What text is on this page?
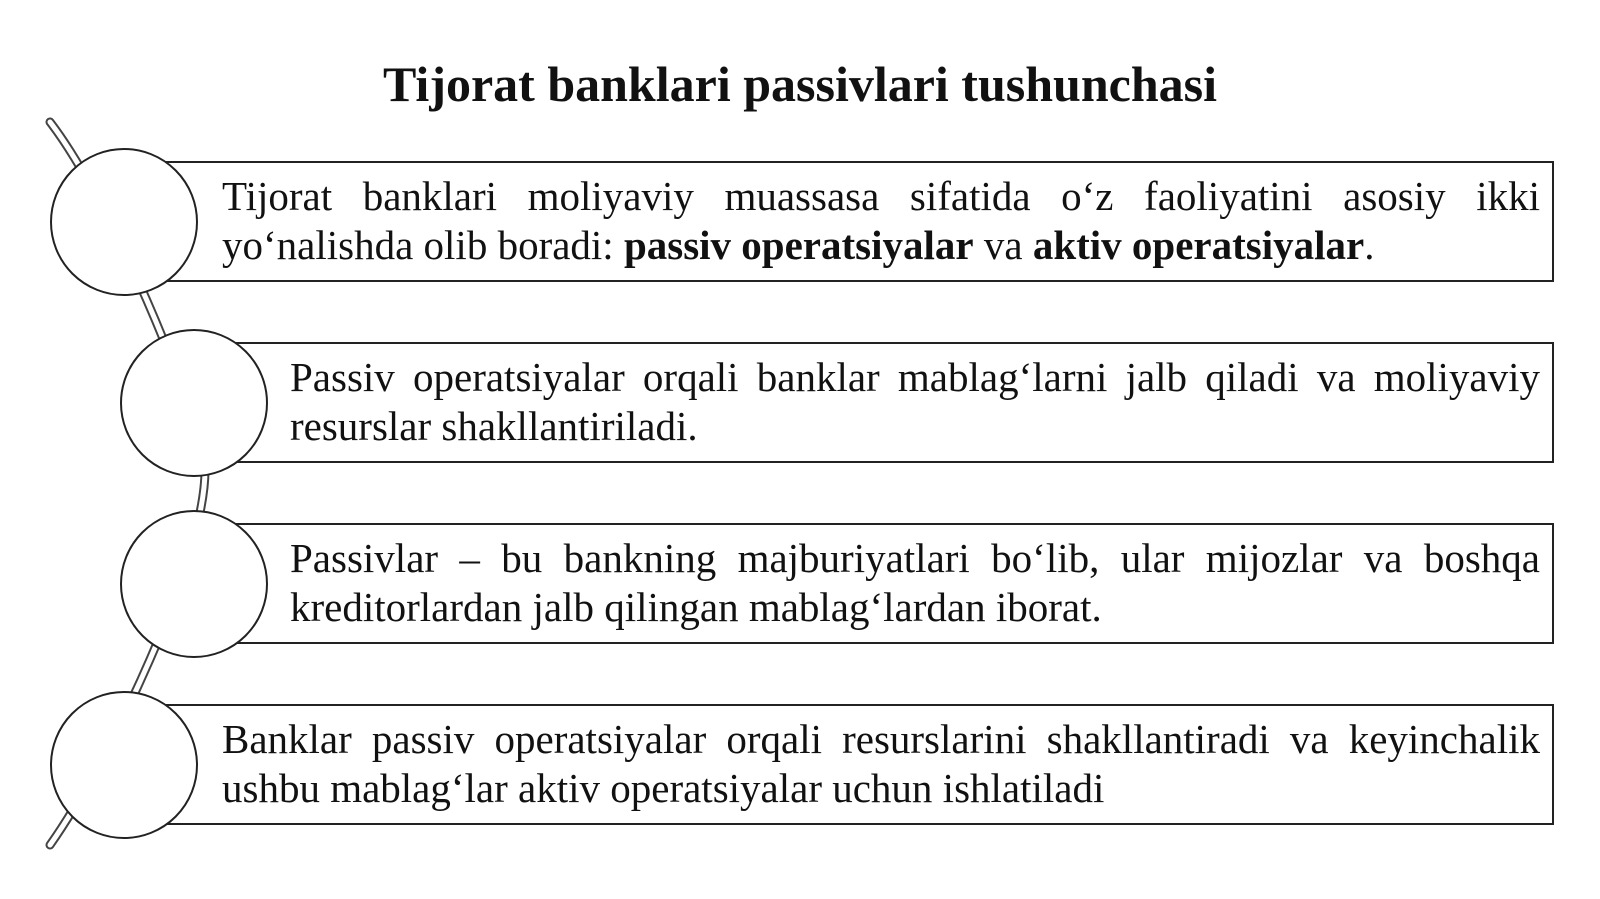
Tijorat banklari passivlari tushunchasi
Tijorat banklari moliyaviy muassasa sifatida o‘z faoliyatini asosiy ikki yo‘nalishda olib boradi: passiv operatsiyalar va aktiv operatsiyalar.
Passiv operatsiyalar orqali banklar mablag‘larni jalb qiladi va moliyaviy resurslar shakllantiriladi.
Passivlar – bu bankning majburiyatlari bo‘lib, ular mijozlar va boshqa kreditorlardan jalb qilingan mablag‘lardan iborat.
Banklar passiv operatsiyalar orqali resurslarini shakllantiradi va keyinchalik ushbu mablag‘lar aktiv operatsiyalar uchun ishlatiladi
